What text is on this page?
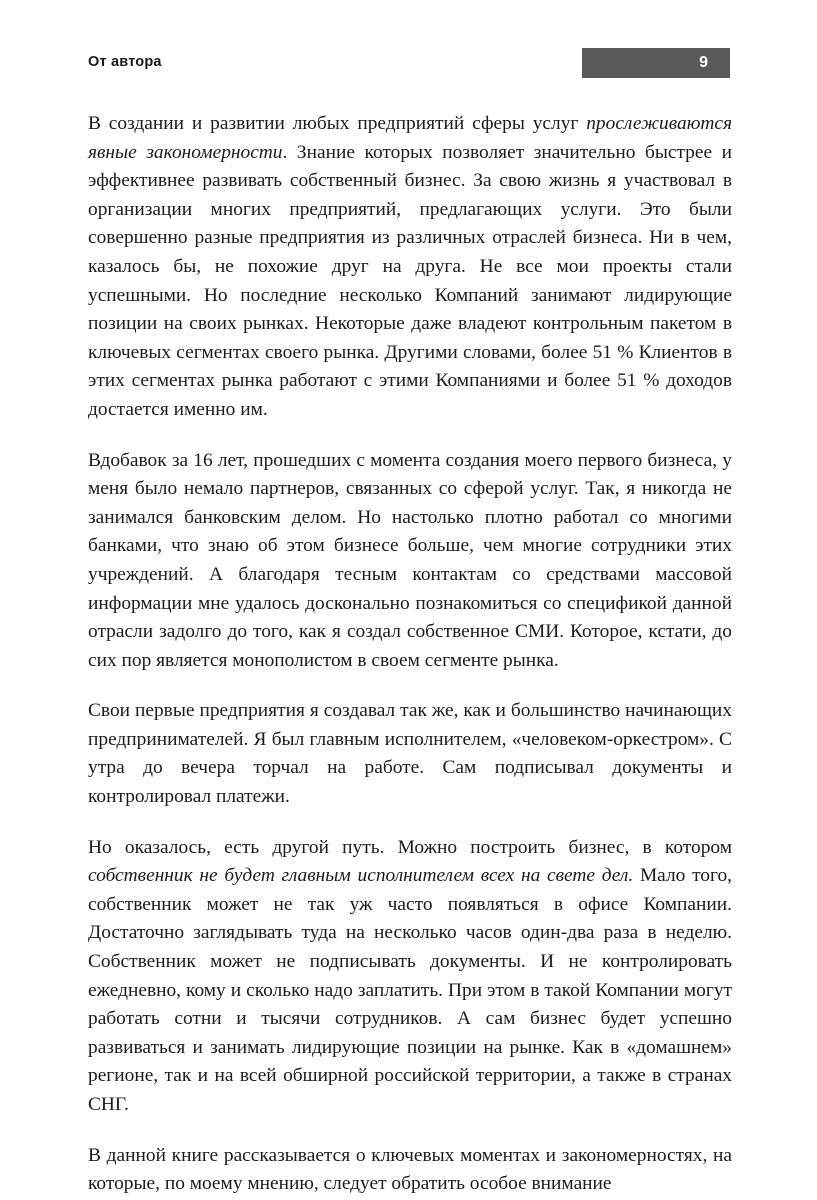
От автора	9

В создании и развитии любых предприятий сферы услуг прослеживаются явные закономерности. Знание которых позволяет значительно быстрее и эффективнее развивать собственный бизнес. За свою жизнь я участвовал в организации многих предприятий, предлагающих услуги. Это были совершенно разные предприятия из различных отраслей бизнеса. Ни в чем, казалось бы, не похожие друг на друга. Не все мои проекты стали успешными. Но последние несколько Компаний занимают лидирующие позиции на своих рынках. Некоторые даже владеют контрольным пакетом в ключевых сегментах своего рынка. Другими словами, более 51 % Клиентов в этих сегментах рынка работают с этими Компаниями и более 51 % доходов достается именно им.

Вдобавок за 16 лет, прошедших с момента создания моего первого бизнеса, у меня было немало партнеров, связанных со сферой услуг. Так, я никогда не занимался банковским делом. Но настолько плотно работал со многими банками, что знаю об этом бизнесе больше, чем многие сотрудники этих учреждений. А благодаря тесным контактам со средствами массовой информации мне удалось досконально познакомиться со спецификой данной отрасли задолго до того, как я создал собственное СМИ. Которое, кстати, до сих пор является монополистом в своем сегменте рынка.

Свои первые предприятия я создавал так же, как и большинство начинающих предпринимателей. Я был главным исполнителем, «человеком-оркестром». С утра до вечера торчал на работе. Сам подписывал документы и контролировал платежи.

Но оказалось, есть другой путь. Можно построить бизнес, в котором собственник не будет главным исполнителем всех на свете дел. Мало того, собственник может не так уж часто появляться в офисе Компании. Достаточно заглядывать туда на несколько часов один-два раза в неделю. Собственник может не подписывать документы. И не контролировать ежедневно, кому и сколько надо заплатить. При этом в такой Компании могут работать сотни и тысячи сотрудников. А сам бизнес будет успешно развиваться и занимать лидирующие позиции на рынке. Как в «домашнем» регионе, так и на всей обширной российской территории, а также в странах СНГ.

В данной книге рассказывается о ключевых моментах и закономерностях, на которые, по моему мнению, следует обратить особое внимание
